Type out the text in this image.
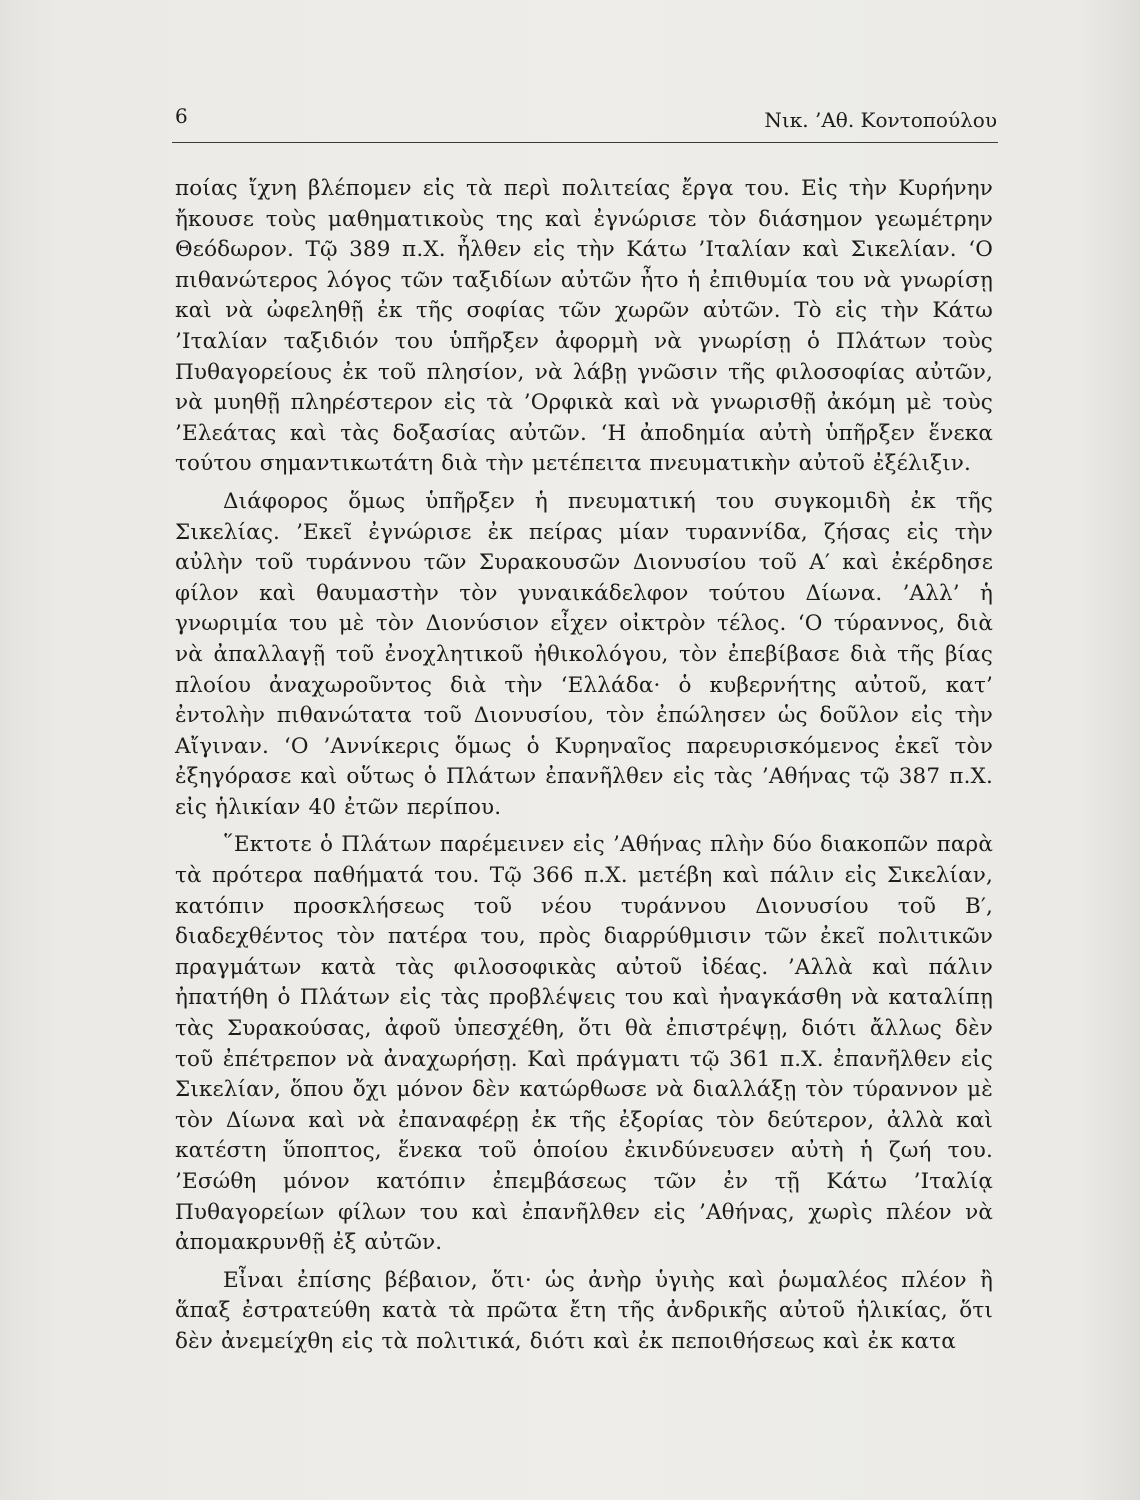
6	Νικ. ’Αθ. Κοντοπούλου

ποίας ἴχνη βλέπομεν εἰς τὰ περὶ πολιτείας ἔργα του. Εἰς τὴν Κυρήνην ἤκουσε τοὺς μαθηματικοὺς της καὶ ἐγνώρισε τὸν διάσημον γεωμέτρην Θεόδωρον. Τῷ 389 π.Χ. ἦλθεν εἰς τὴν Κάτω ’Ιταλίαν καὶ Σικελίαν. ‘Ο πιθανώτερος λόγος τῶν ταξιδίων αὐτῶν ἦτο ἡ ἐπιθυμία του νὰ γνωρίσῃ καὶ νὰ ὠφεληθῇ ἐκ τῆς σοφίας τῶν χωρῶν αὐτῶν. Τὸ εἰς τὴν Κάτω ’Ιταλίαν ταξιδιόν του ὑπῆρξεν ἀφορμὴ νὰ γνωρίσῃ ὁ Πλάτων τοὺς Πυθαγορείους ἐκ τοῦ πλησίον, νὰ λάβῃ γνῶσιν τῆς φιλοσοφίας αὐτῶν, νὰ μυηθῇ πληρέστερον εἰς τὰ ’Ορφικὰ καὶ νὰ γνωρισθῇ ἀκόμη μὲ τοὺς ’Ελεάτας καὶ τὰς δοξασίας αὐτῶν. ‘Η ἀποδημία αὐτὴ ὑπῆρξεν ἕνεκα τούτου σημαντικωτάτη διὰ τὴν μετέπειτα πνευματικὴν αὐτοῦ ἐξέλιξιν.

Διάφορος ὅμως ὑπῆρξεν ἡ πνευματική του συγκομιδὴ ἐκ τῆς Σικελίας. ’Εκεῖ ἐγνώρισε ἐκ πείρας μίαν τυραννίδα, ζήσας εἰς τὴν αὐλὴν τοῦ τυράννου τῶν Συρακουσῶν Διονυσίου τοῦ Α′ καὶ ἐκέρδησε φίλον καὶ θαυμαστὴν τὸν γυναικάδελφον τούτου Δίωνα. ’Αλλ’ ἡ γνωριμία του μὲ τὸν Διονύσιον εἶχεν οἰκτρὸν τέλος. ‘Ο τύραννος, διὰ νὰ ἀπαλλαγῇ τοῦ ἐνοχλητικοῦ ἠθικολόγου, τὸν ἐπεβίβασε διὰ τῆς βίας πλοίου ἀναχωροῦντος διὰ τὴν ‘Ελλάδα· ὁ κυβερνήτης αὐτοῦ, κατ’ ἐντολὴν πιθανώτατα τοῦ Διονυσίου, τὸν ἐπώλησεν ὡς δοῦλον εἰς τὴν Αἴγιναν. ‘Ο ’Αννίκερις ὅμως ὁ Κυρηναῖος παρευρισκόμενος ἐκεῖ τὸν ἐξηγόρασε καὶ οὕτως ὁ Πλάτων ἐπανῆλθεν εἰς τὰς ’Αθήνας τῷ 387 π.Χ. εἰς ἡλικίαν 40 ἐτῶν περίπου.

῞Εκτοτε ὁ Πλάτων παρέμεινεν εἰς ’Αθήνας πλὴν δύο διακοπῶν παρὰ τὰ πρότερα παθήματά του. Τῷ 366 π.Χ. μετέβη καὶ πάλιν εἰς Σικελίαν, κατόπιν προσκλήσεως τοῦ νέου τυράννου Διονυσίου τοῦ Β′, διαδεχθέντος τὸν πατέρα του, πρὸς διαρρύθμισιν τῶν ἐκεῖ πολιτικῶν πραγμάτων κατὰ τὰς φιλοσοφικὰς αὐτοῦ ἰδέας. ’Αλλὰ καὶ πάλιν ἠπατήθη ὁ Πλάτων εἰς τὰς προβλέψεις του καὶ ἠναγκάσθη νὰ καταλίπῃ τὰς Συρακούσας, ἀφοῦ ὑπεσχέθη, ὅτι θὰ ἐπιστρέψῃ, διότι ἄλλως δὲν τοῦ ἐπέτρεπον νὰ ἀναχωρήσῃ. Καὶ πράγματι τῷ 361 π.Χ. ἐπανῆλθεν εἰς Σικελίαν, ὅπου ὄχι μόνον δὲν κατώρθωσε νὰ διαλλάξῃ τὸν τύραννον μὲ τὸν Δίωνα καὶ νὰ ἐπαναφέρῃ ἐκ τῆς ἐξορίας τὸν δεύτερον, ἀλλὰ καὶ κατέστη ὕποπτος, ἕνεκα τοῦ ὁποίου ἐκινδύνευσεν αὐτὴ ἡ ζωή του. ’Εσώθη μόνον κατόπιν ἐπεμβάσεως τῶν ἐν τῇ Κάτω ’Ιταλίᾳ Πυθαγορείων φίλων του καὶ ἐπανῆλθεν εἰς ’Αθήνας, χωρὶς πλέον νὰ ἀπομακρυνθῇ ἐξ αὐτῶν.

Εἶναι ἐπίσης βέβαιον, ὅτι· ὡς ἀνὴρ ὑγιὴς καὶ ῥωμαλέος πλέον ἢ ἅπαξ ἐστρατεύθη κατὰ τὰ πρῶτα ἔτη τῆς ἀνδρικῆς αὐτοῦ ἡλικίας, ὅτι δὲν ἀνεμείχθη εἰς τὰ πολιτικά, διότι καὶ ἐκ πεποιθήσεως καὶ ἐκ κατα
